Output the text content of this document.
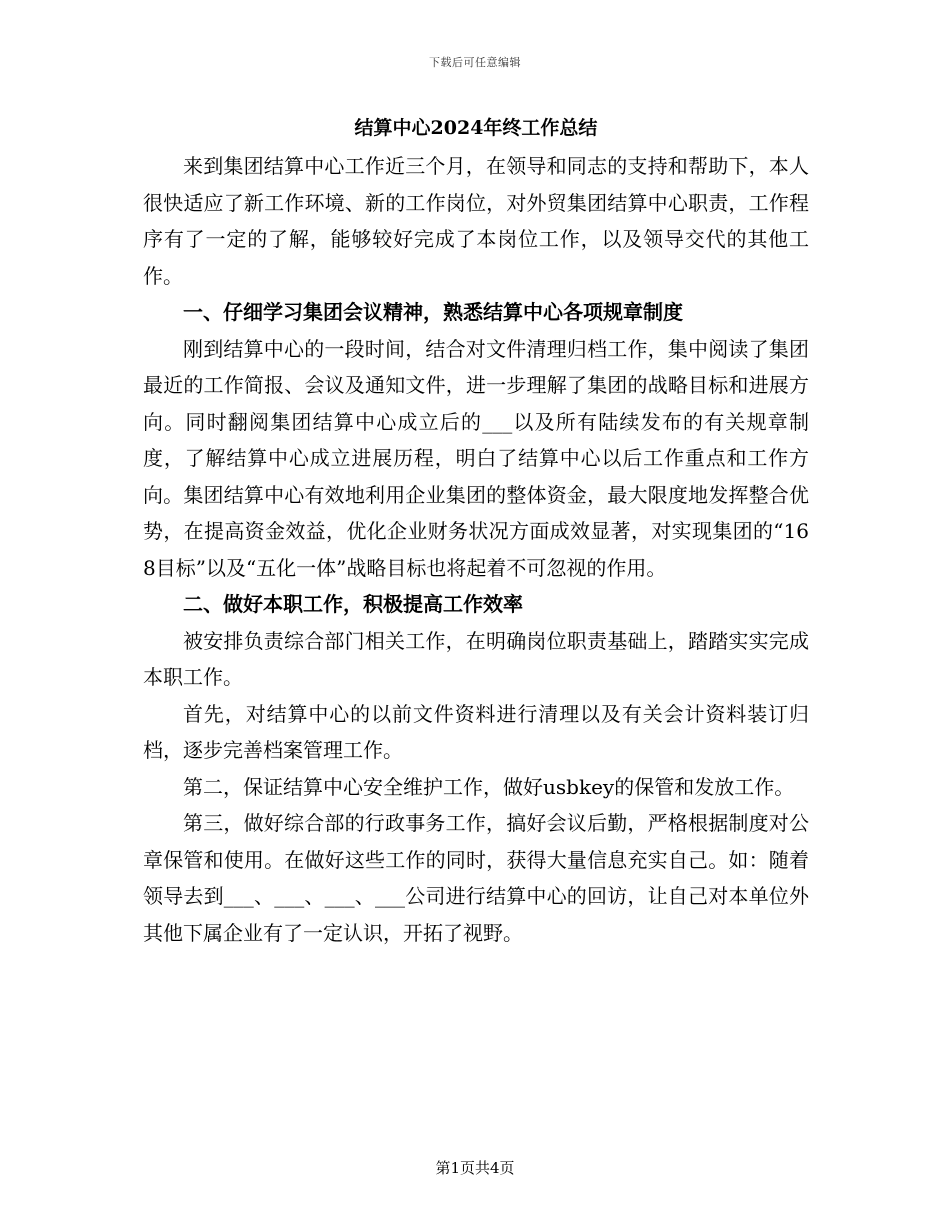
下载后可任意编辑
结算中心2024年终工作总结

来到集团结算中心工作近三个月，在领导和同志的支持和帮助下，本人很快适应了新工作环境、新的工作岗位，对外贸集团结算中心职责，工作程序有了一定的了解，能够较好完成了本岗位工作，以及领导交代的其他工作。

一、仔细学习集团会议精神，熟悉结算中心各项规章制度

刚到结算中心的一段时间，结合对文件清理归档工作，集中阅读了集团最近的工作简报、会议及通知文件，进一步理解了集团的战略目标和进展方向。同时翻阅集团结算中心成立后的___以及所有陆续发布的有关规章制度，了解结算中心成立进展历程，明白了结算中心以后工作重点和工作方向。集团结算中心有效地利用企业集团的整体资金，最大限度地发挥整合优势，在提高资金效益，优化企业财务状况方面成效显著，对实现集团的“168目标”以及“五化一体”战略目标也将起着不可忽视的作用。

二、做好本职工作，积极提高工作效率

被安排负责综合部门相关工作，在明确岗位职责基础上，踏踏实实完成本职工作。

首先，对结算中心的以前文件资料进行清理以及有关会计资料装订归档，逐步完善档案管理工作。

第二，保证结算中心安全维护工作，做好usbkey的保管和发放工作。

第三，做好综合部的行政事务工作，搞好会议后勤，严格根据制度对公章保管和使用。在做好这些工作的同时，获得大量信息充实自己。如：随着领导去到___、___、___、___公司进行结算中心的回访，让自己对本单位外其他下属企业有了一定认识，开拓了视野。

第1页共4页
